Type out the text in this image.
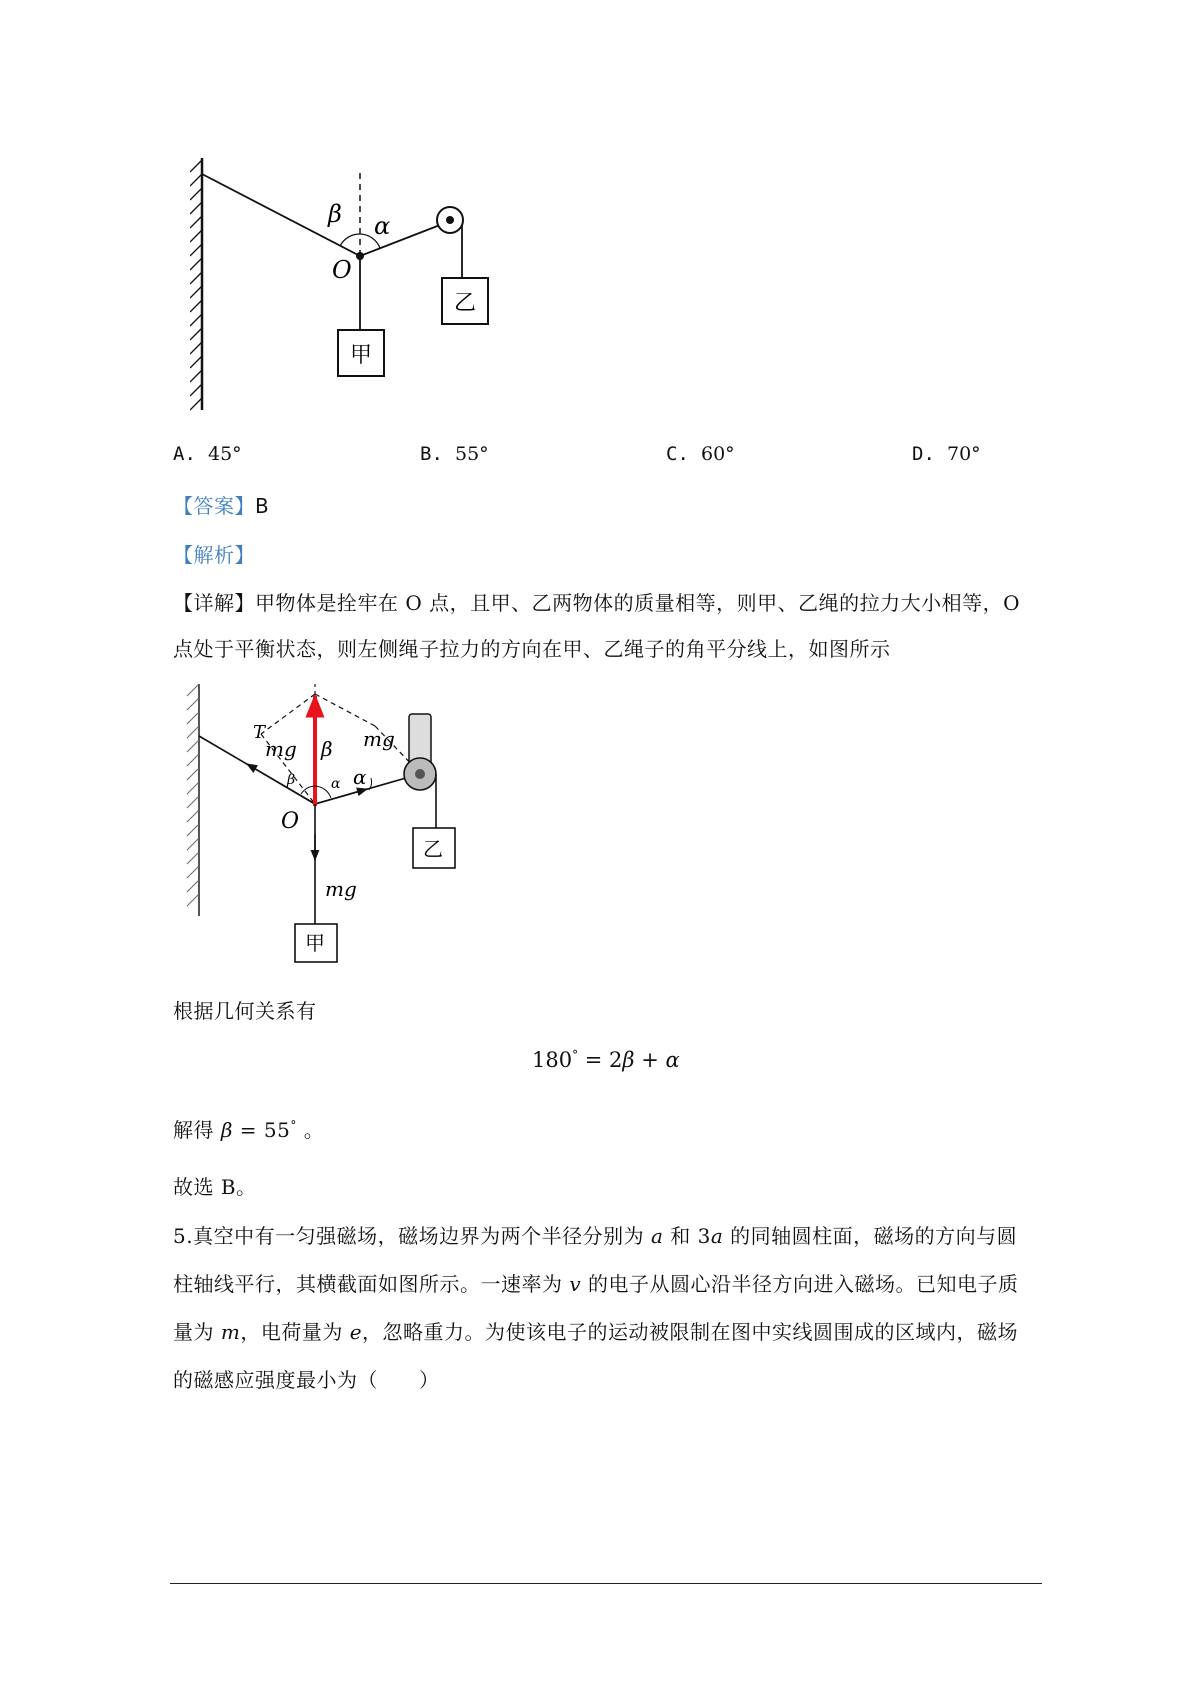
β α
O
乙
甲
A. 45°	B. 55°	C. 60°	D. 70°
【答案】B
【解析】
【详解】甲物体是拴牢在 O 点，且甲、乙两物体的质量相等，则甲、乙绳的拉力大小相等，O
点处于平衡状态，则左侧绳子拉力的方向在甲、乙绳子的角平分线上，如图所示
T
mg β mg
α
β	α
O
乙
mg
甲
根据几何关系有
180° = 2β + α
解得 β = 55° 。
故选 B。
5.真空中有一匀强磁场，磁场边界为两个半径分别为 a 和 3a 的同轴圆柱面，磁场的方向与圆
柱轴线平行，其横截面如图所示。一速率为 v 的电子从圆心沿半径方向进入磁场。已知电子质
量为 m，电荷量为 e，忽略重力。为使该电子的运动被限制在图中实线圆围成的区域内，磁场
的磁感应强度最小为（　　）
